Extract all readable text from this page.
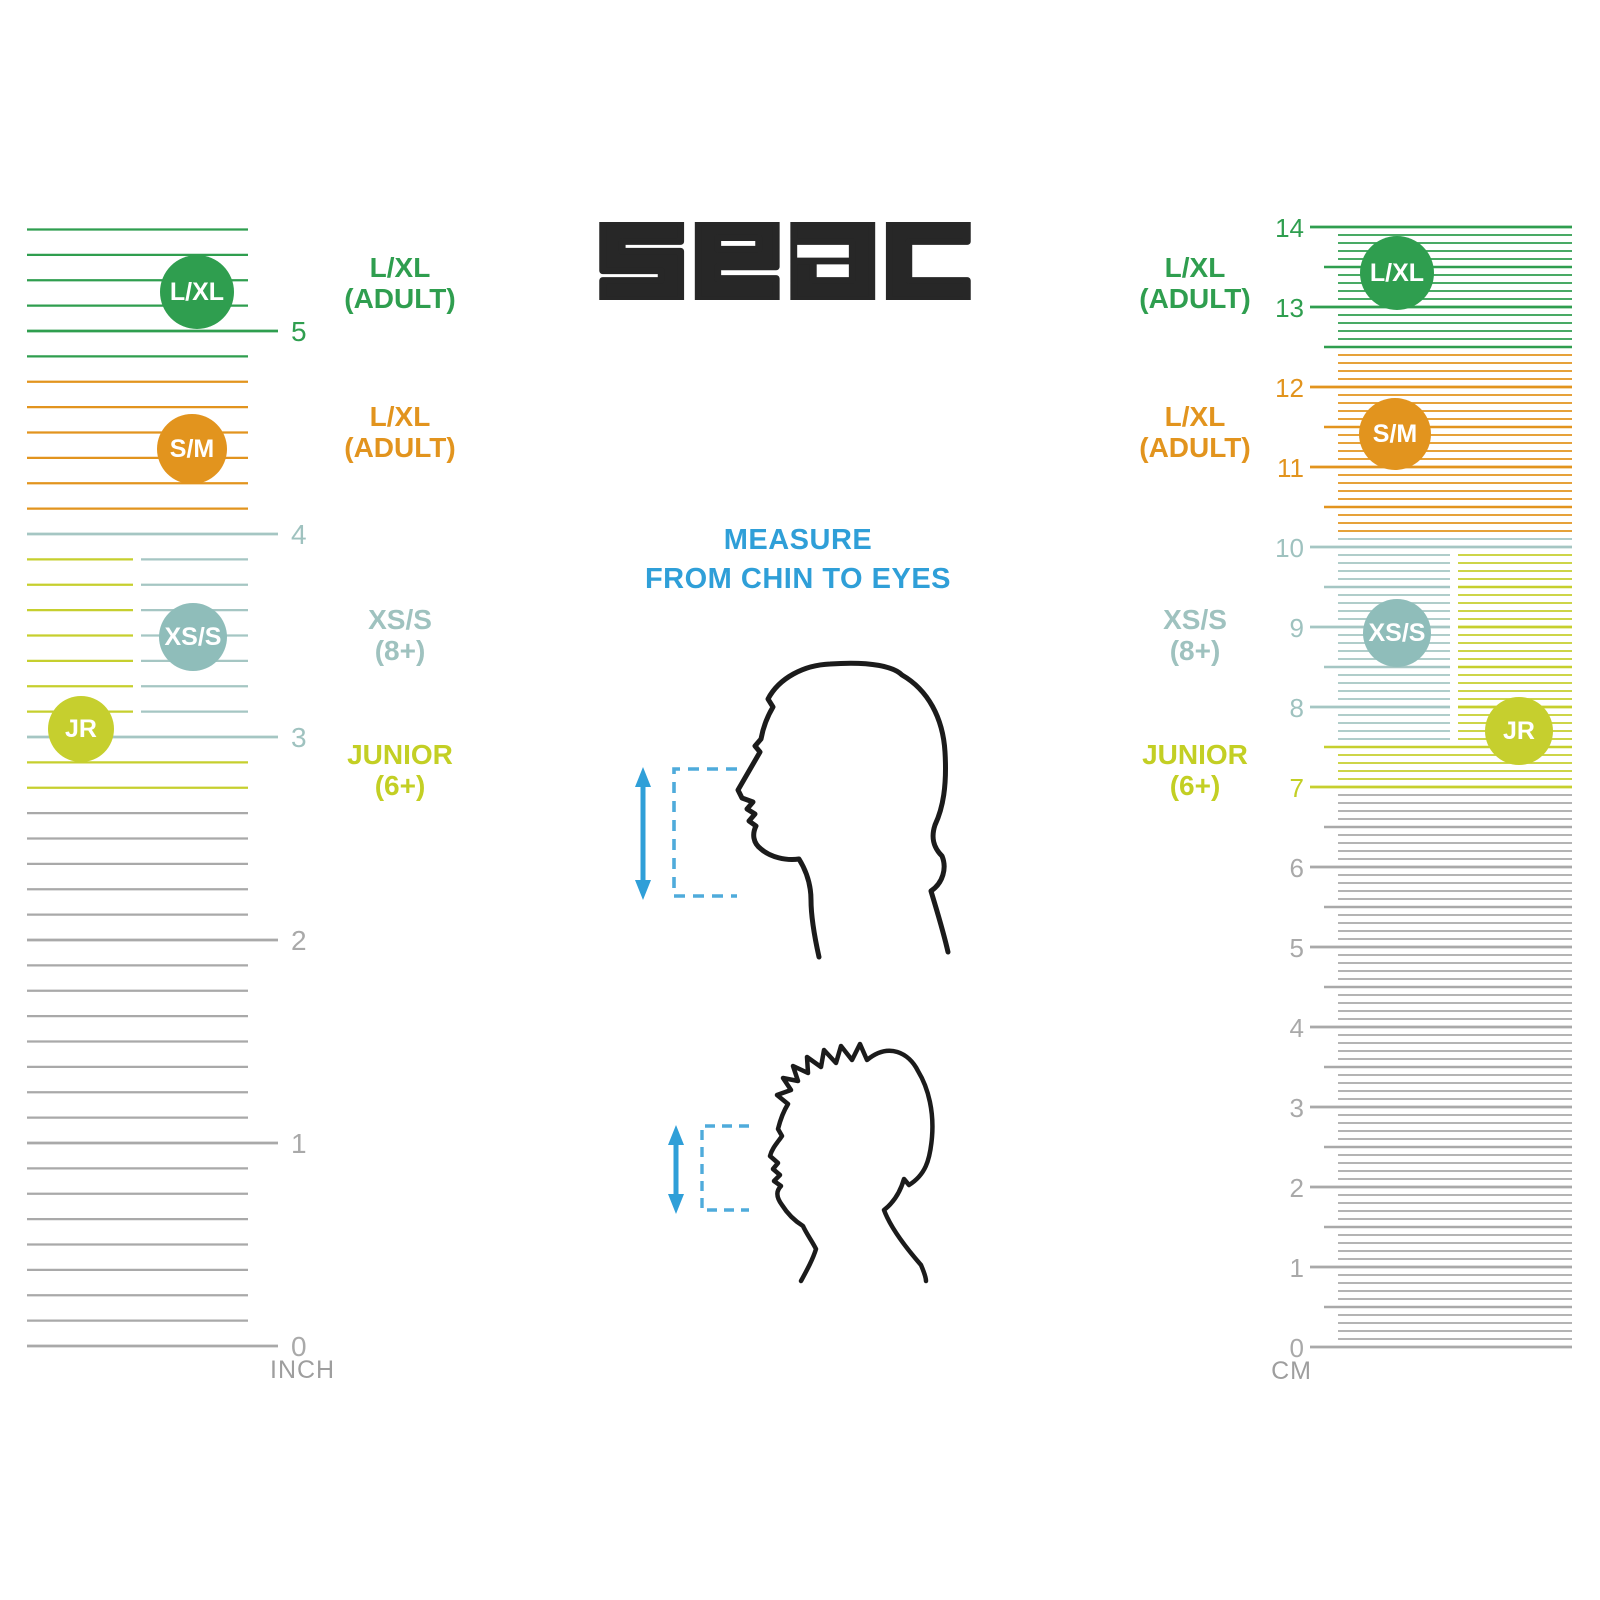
MEASURE
FROM CHIN TO EYES
5
4
3
2
1
0
14
13
12
11
10
9
8
7
6
5
4
3
2
1
0
INCH	CM
L/XL
(ADULT)
L/XL
(ADULT)
XS/S
(8+)
JUNIOR
(6+)
L/XL
(ADULT)
L/XL
(ADULT)
XS/S
(8+)
JUNIOR
(6+)
L/XL
S/M
XS/S
JR
L/XL
S/M
XS/S
JR
